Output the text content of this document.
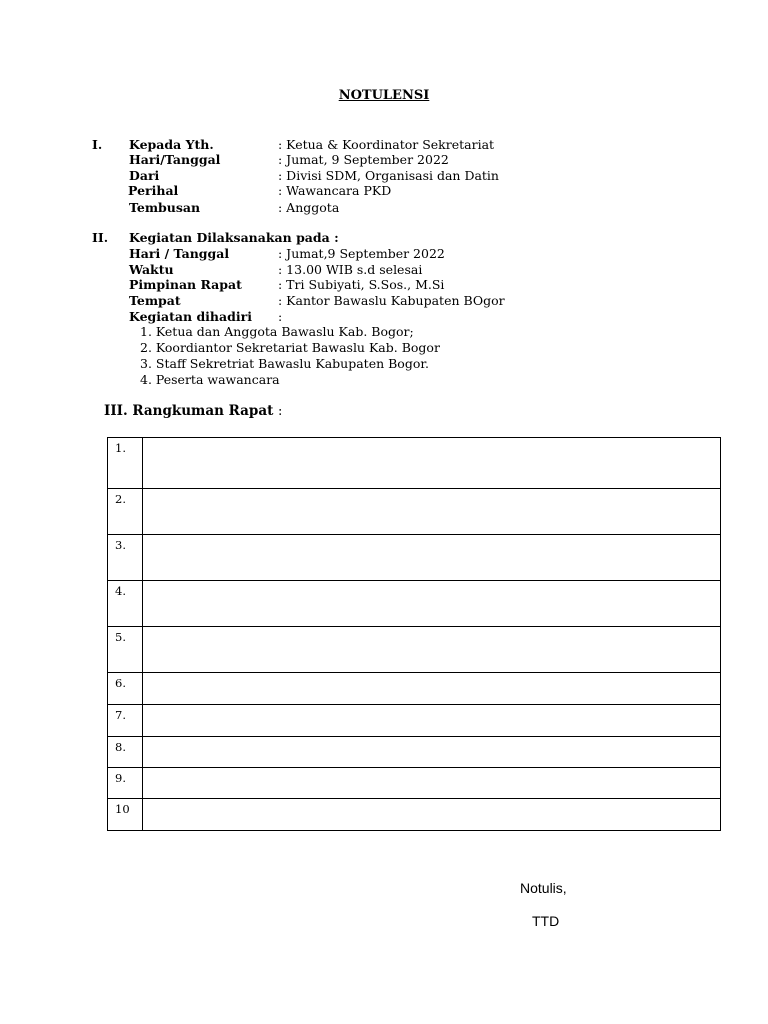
NOTULENSI
I. Kepada Yth.	: Ketua & Koordinator Sekretariat
Hari/Tanggal	: Jumat, 9 September 2022
Dari	: Divisi SDM, Organisasi dan Datin
Perihal	: Wawancara PKD
Tembusan	: Anggota
II. Kegiatan Dilaksanakan pada :
Hari / Tanggal	: Jumat,9 September 2022
Waktu	: 13.00 WIB s.d selesai
Pimpinan Rapat	: Tri Subiyati, S.Sos., M.Si
Tempat	: Kantor Bawaslu Kabupaten BOgor
Kegiatan dihadiri :
1. Ketua dan Anggota Bawaslu Kab. Bogor;
2. Koordiantor Sekretariat Bawaslu Kab. Bogor
3. Staff Sekretriat Bawaslu Kabupaten Bogor.
4. Peserta wawancara
III. Rangkuman Rapat :
1.	
2.	
3.	
4.	
5.	
6.	
7.	
8.	
9.	
10	
Notulis,
TTD
